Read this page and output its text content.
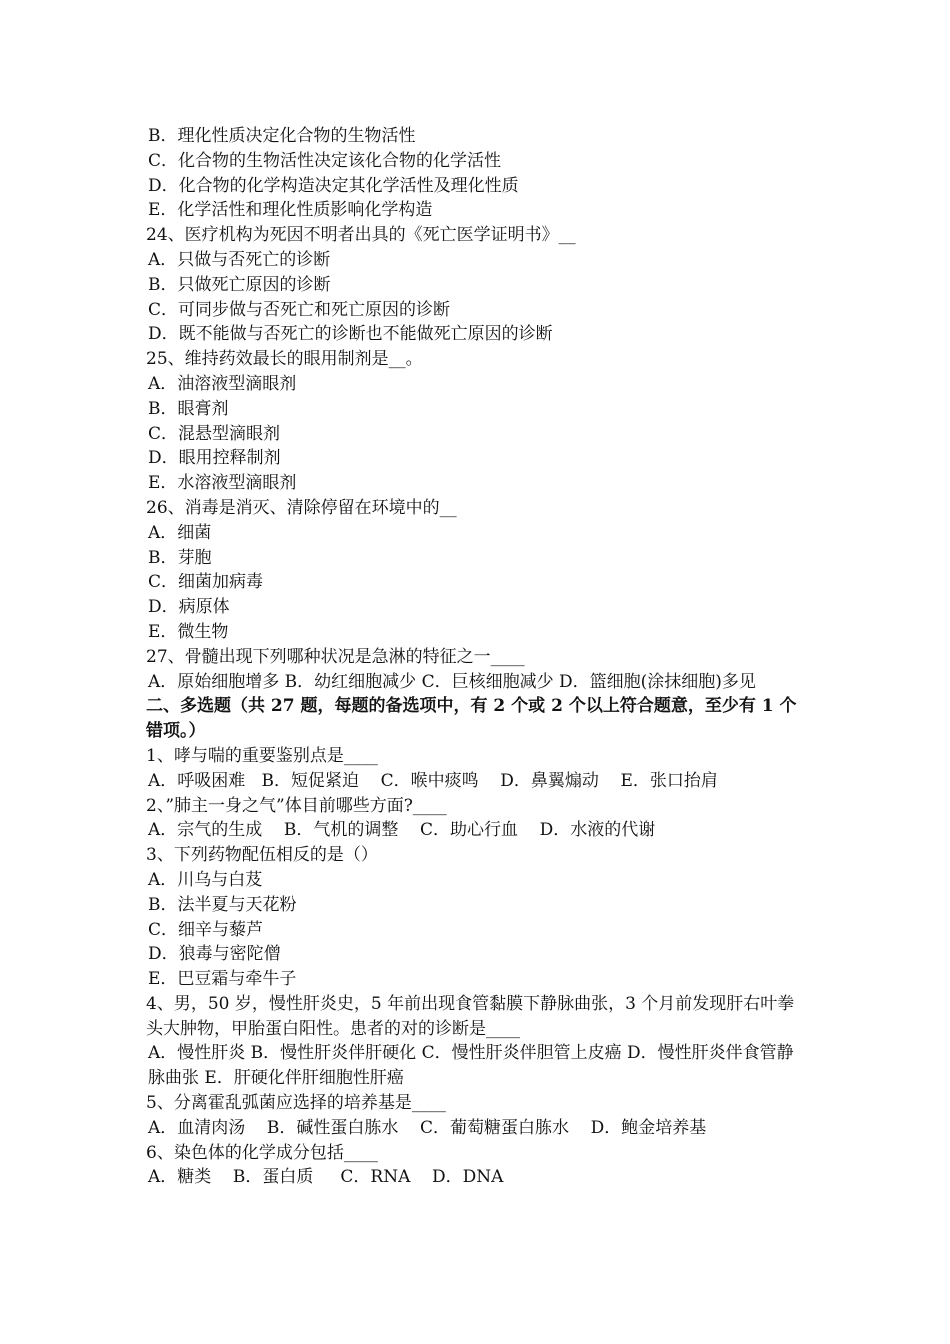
B．理化性质决定化合物的生物活性
C．化合物的生物活性决定该化合物的化学活性
D．化合物的化学构造决定其化学活性及理化性质
E．化学活性和理化性质影响化学构造
24、医疗机构为死因不明者出具的《死亡医学证明书》__
A．只做与否死亡的诊断
B．只做死亡原因的诊断
C．可同步做与否死亡和死亡原因的诊断
D．既不能做与否死亡的诊断也不能做死亡原因的诊断
25、维持药效最长的眼用制剂是__。
A．油溶液型滴眼剂
B．眼膏剂
C．混悬型滴眼剂
D．眼用控释制剂
E．水溶液型滴眼剂
26、消毒是消灭、清除停留在环境中的__
A．细菌
B．芽胞
C．细菌加病毒
D．病原体
E．微生物
27、骨髓出现下列哪种状况是急淋的特征之一____
A．原始细胞增多 B．幼红细胞减少 C．巨核细胞减少 D．篮细胞(涂抹细胞)多见
二、多选题（共 27 题，每题的备选项中，有 2 个或 2 个以上符合题意，至少有 1 个错项。）
1、哮与喘的重要鉴别点是____
A．呼吸困难   B．短促紧迫    C．喉中痰鸣    D．鼻翼煽动    E．张口抬肩
2、”肺主一身之气”体目前哪些方面?____
A．宗气的生成    B．气机的调整    C．助心行血    D．水液的代谢
3、下列药物配伍相反的是（）
A．川乌与白芨
B．法半夏与天花粉
C．细辛与藜芦
D．狼毒与密陀僧
E．巴豆霜与牵牛子
4、男，50 岁，慢性肝炎史，5 年前出现食管黏膜下静脉曲张，3 个月前发现肝右叶拳头大肿物，甲胎蛋白阳性。患者的对的诊断是____
A．慢性肝炎 B．慢性肝炎伴肝硬化 C．慢性肝炎伴胆管上皮癌 D．慢性肝炎伴食管静脉曲张 E．肝硬化伴肝细胞性肝癌
5、分离霍乱弧菌应选择的培养基是____
A．血清肉汤    B．碱性蛋白胨水    C．葡萄糖蛋白胨水    D．鲍金培养基
6、染色体的化学成分包括____
A．糖类    B．蛋白质     C．RNA    D．DNA
